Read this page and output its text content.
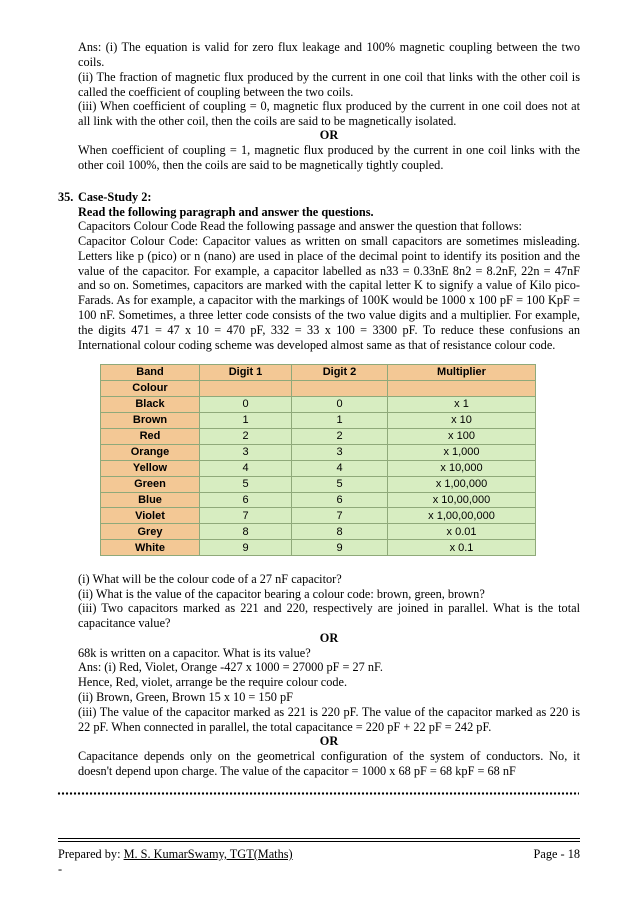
Ans: (i) The equation is valid for zero flux leakage and 100% magnetic coupling between the two coils.

(ii) The fraction of magnetic flux produced by the current in one coil that links with the other coil is called the coefficient of coupling between the two coils.

(iii) When coefficient of coupling = 0, magnetic flux produced by the current in one coil does not at all link with the other coil, then the coils are said to be magnetically isolated.

OR

When coefficient of coupling = 1, magnetic flux produced by the current in one coil links with the other coil 100%, then the coils are said to be magnetically tightly coupled.

35. Case-Study 2:

Read the following paragraph and answer the questions.

Capacitors Colour Code Read the following passage and answer the question that follows:

Capacitor Colour Code: Capacitor values as written on small capacitors are sometimes misleading. Letters like p (pico) or n (nano) are used in place of the decimal point to identify its position and the value of the capacitor. For example, a capacitor labelled as n33 = 0.33nE 8n2 = 8.2nF, 22n = 47nF and so on. Sometimes, capacitors are marked with the capital letter K to signify a value of Kilo pico-Farads. As for example, a capacitor with the markings of 100K would be 1000 x 100 pF = 100 KpF = 100 nF. Sometimes, a three letter code consists of the two value digits and a multiplier. For example, the digits 471 = 47 x 10 = 470 pF, 332 = 33 x 100 = 3300 pF. To reduce these confusions an International colour coding scheme was developed almost same as that of resistance colour code.

Band	Digit 1	Digit 2	Multiplier
Colour			
Black	0	0	x 1
Brown	1	1	x 10
Red	2	2	x 100
Orange	3	3	x 1,000
Yellow	4	4	x 10,000
Green	5	5	x 1,00,000
Blue	6	6	x 10,00,000
Violet	7	7	x 1,00,00,000
Grey	8	8	x 0.01
White	9	9	x 0.1

(i) What will be the colour code of a 27 nF capacitor?

(ii) What is the value of the capacitor bearing a colour code: brown, green, brown?

(iii) Two capacitors marked as 221 and 220, respectively are joined in parallel. What is the total capacitance value?

OR

68k is written on a capacitor. What is its value?

Ans: (i) Red, Violet, Orange -427 x 1000 = 27000 pF = 27 nF.

Hence, Red, violet, arrange be the require colour code.

(ii) Brown, Green, Brown 15 x 10 = 150 pF

(iii) The value of the capacitor marked as 221 is 220 pF. The value of the capacitor marked as 220 is 22 pF. When connected in parallel, the total capacitance = 220 pF + 22 pF = 242 pF.

OR

Capacitance depends only on the geometrical configuration of the system of conductors. No, it doesn't depend upon charge. The value of the capacitor = 1000 x 68 pF = 68 kpF = 68 nF

Prepared by: M. S. KumarSwamy, TGT(Maths)	Page - 18
-
